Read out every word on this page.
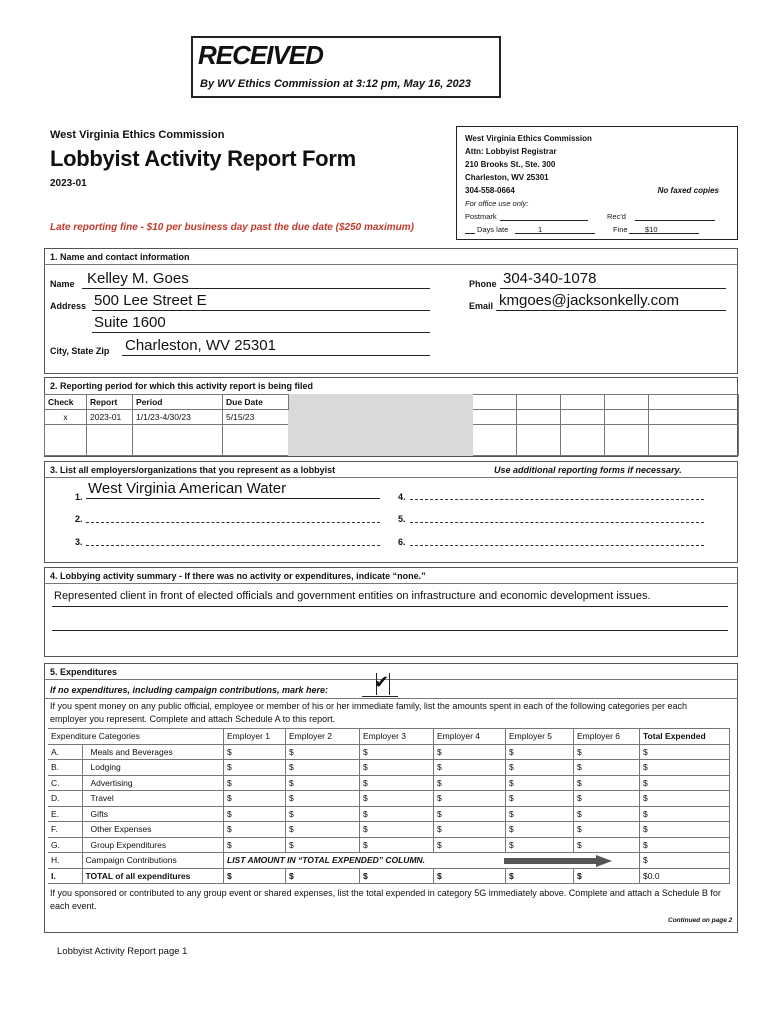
RECEIVED
By WV Ethics Commission at 3:12 pm, May 16, 2023
West Virginia Ethics Commission
Lobbyist Activity Report Form
2023-01
Late reporting fine - $10 per business day past the due date ($250 maximum)
West Virginia Ethics Commission
Attn: Lobbyist Registrar
210 Brooks St., Ste. 300
Charleston, WV 25301
304-558-0664	No faxed copies
For office use only:
Postmark	Rec'd
Days late	1	Fine $10
1. Name and contact information
Name Kelley M. Goes
Address 500 Lee Street E
Suite 1600
City, State Zip Charleston, WV 25301
Phone 304-340-1078
Email kmgoes@jacksonkelly.com
2. Reporting period for which this activity report is being filed
Check	Report	Period	Due Date						
x	2023-01	1/1/23-4/30/23	5/15/23						

3. List all employers/organizations that you represent as a lobbyist	Use additional reporting forms if necessary.
1. West Virginia American Water
2.
3.
4.
5.
6.
4. Lobbying activity summary - If there was no activity or expenditures, indicate “none.”
Represented client in front of elected officials and government entities on infrastructure and economic development issues.
5. Expenditures
If no expenditures, including campaign contributions, mark here:	✔
If you spent money on any public official, employee or member of his or her immediate family, list the amounts spent in each of the following categories per each employer you represent. Complete and attach Schedule A to this report.
Expenditure Categories		Employer 1	Employer 2	Employer 3	Employer 4	Employer 5	Employer 6	Total Expended
A.	Meals and Beverages	$	$	$	$	$	$	$
B.	Lodging	$	$	$	$	$	$	$
C.	Advertising	$	$	$	$	$	$	$
D.	Travel	$	$	$	$	$	$	$
E.	Gifts	$	$	$	$	$	$	$
F.	Other Expenses	$	$	$	$	$	$	$
G.	Group Expenditures	$	$	$	$	$	$	$
H.	Campaign Contributions	LIST AMOUNT IN “TOTAL EXPENDED” COLUMN.						$
I.	TOTAL of all expenditures	$	$	$	$	$	$	$0.0
If you sponsored or contributed to any group event or shared expenses, list the total expended in category 5G immediately above. Complete and attach a Schedule B for each event.
Continued on page 2
Lobbyist Activity Report page 1
